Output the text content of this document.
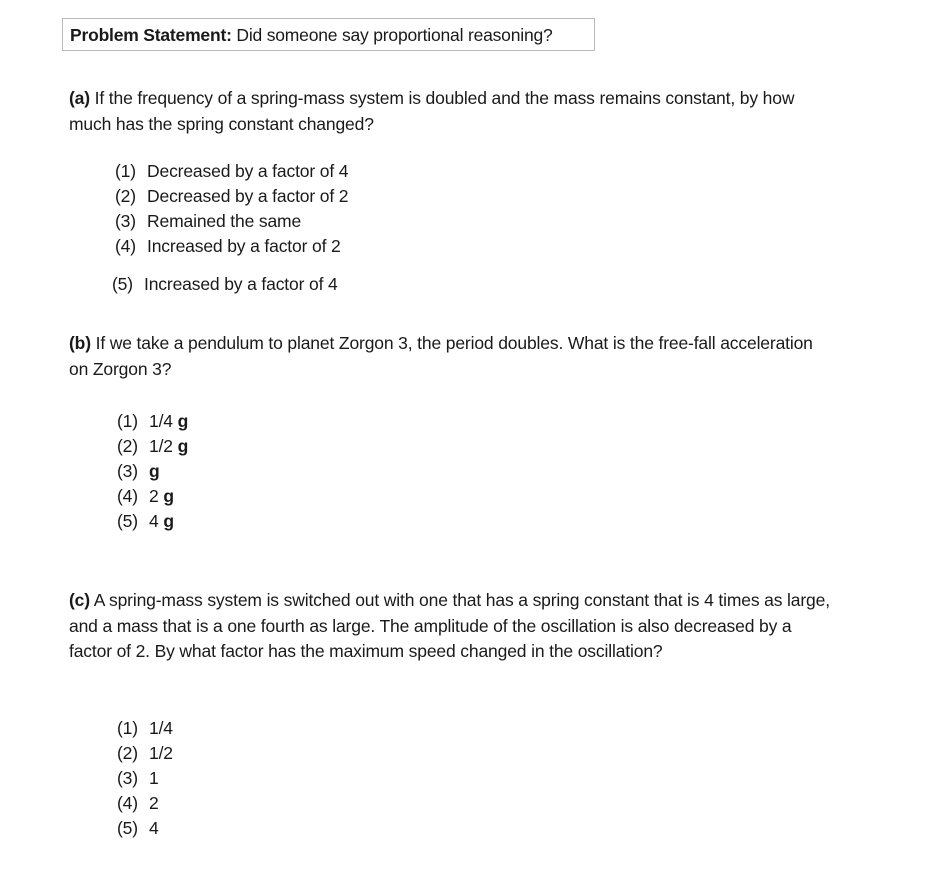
Problem Statement: Did someone say proportional reasoning?
(a) If the frequency of a spring-mass system is doubled and the mass remains constant, by how much has the spring constant changed?
(1) Decreased by a factor of 4
(2) Decreased by a factor of 2
(3) Remained the same
(4) Increased by a factor of 2
(5) Increased by a factor of 4
(b) If we take a pendulum to planet Zorgon 3, the period doubles. What is the free-fall acceleration on Zorgon 3?
(1) 1/4 g
(2) 1/2 g
(3) g
(4) 2 g
(5) 4 g
(c) A spring-mass system is switched out with one that has a spring constant that is 4 times as large, and a mass that is a one fourth as large. The amplitude of the oscillation is also decreased by a factor of 2. By what factor has the maximum speed changed in the oscillation?
(1) 1/4
(2) 1/2
(3) 1
(4) 2
(5) 4
